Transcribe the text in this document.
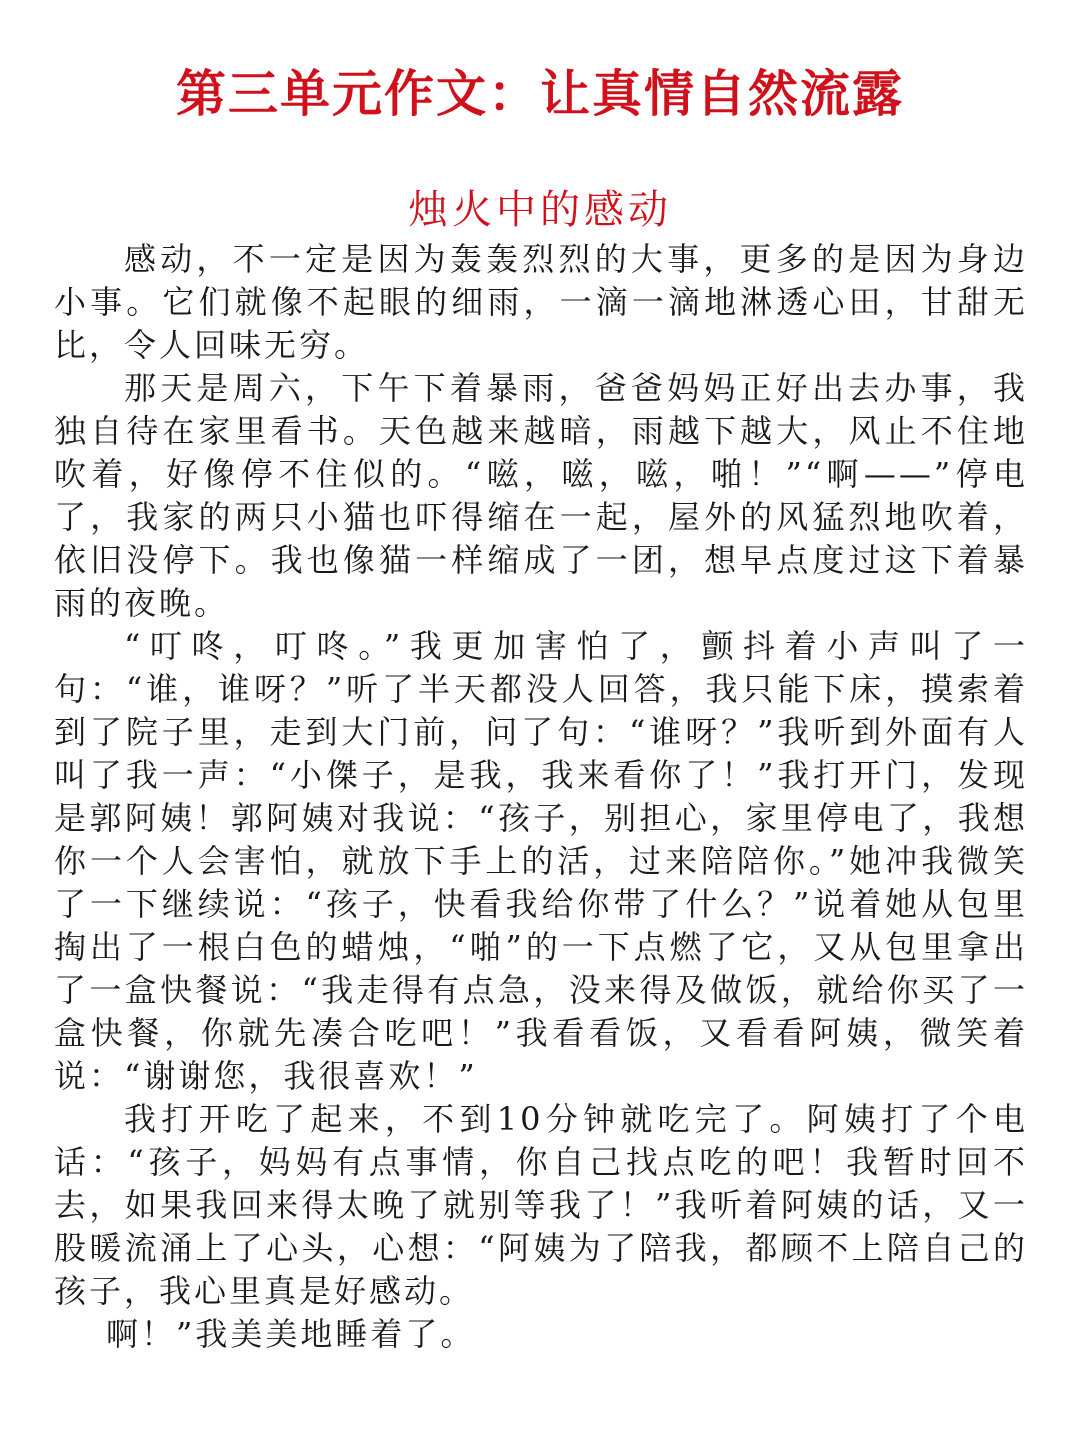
第三单元作文：让真情自然流露
烛火中的感动

感动，不一定是因为轰轰烈烈的大事，更多的是因为身边小事。它们就像不起眼的细雨，一滴一滴地淋透心田，甘甜无比，令人回味无穷。

那天是周六，下午下着暴雨，爸爸妈妈正好出去办事，我独自待在家里看书。天色越来越暗，雨越下越大，风止不住地吹着，好像停不住似的。“嗞，嗞，嗞，啪！”“啊——”停电了，我家的两只小猫也吓得缩在一起，屋外的风猛烈地吹着，依旧没停下。我也像猫一样缩成了一团，想早点度过这下着暴雨的夜晚。

“叮咚，叮咚。”我更加害怕了，颤抖着小声叫了一句：“谁，谁呀？”听了半天都没人回答，我只能下床，摸索着到了院子里，走到大门前，问了句：“谁呀？”我听到外面有人叫了我一声：“小傑子，是我，我来看你了！”我打开门，发现是郭阿姨！郭阿姨对我说：“孩子，别担心，家里停电了，我想你一个人会害怕，就放下手上的活，过来陪陪你。”她冲我微笑了一下继续说：“孩子，快看我给你带了什么？”说着她从包里掏出了一根白色的蜡烛，“啪”的一下点燃了它，又从包里拿出了一盒快餐说：“我走得有点急，没来得及做饭，就给你买了一盒快餐，你就先凑合吃吧！”我看看饭，又看看阿姨，微笑着说：“谢谢您，我很喜欢！”

我打开吃了起来，不到10分钟就吃完了。阿姨打了个电话：“孩子，妈妈有点事情，你自己找点吃的吧！我暂时回不去，如果我回来得太晚了就别等我了！”我听着阿姨的话，又一股暖流涌上了心头，心想：“阿姨为了陪我，都顾不上陪自己的孩子，我心里真是好感动。

啊！”我美美地睡着了。
